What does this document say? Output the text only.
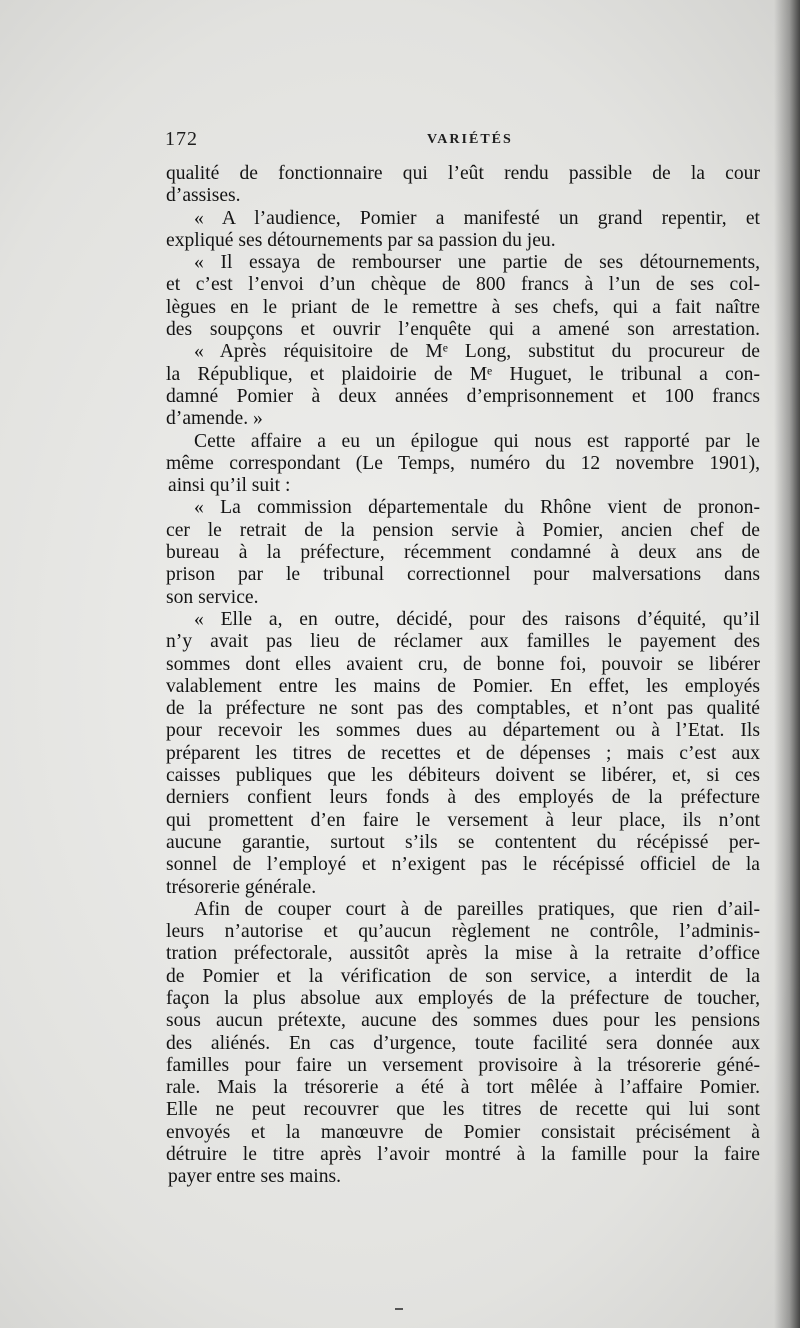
172	VARIÉTÉS
qualité de fonctionnaire qui l’eût rendu passible de la cour
d’assises.
« A l’audience, Pomier a manifesté un grand repentir, et
expliqué ses détournements par sa passion du jeu.
« Il essaya de rembourser une partie de ses détournements,
et c’est l’envoi d’un chèque de 800 francs à l’un de ses col-
lègues en le priant de le remettre à ses chefs, qui a fait naître
des soupçons et ouvrir l’enquête qui a amené son arrestation.
« Après réquisitoire de Mᵉ Long, substitut du procureur de
la République, et plaidoirie de Mᵉ Huguet, le tribunal a con-
damné Pomier à deux années d’emprisonnement et 100 francs
d’amende. »
Cette affaire a eu un épilogue qui nous est rapporté par le
même correspondant (Le Temps, numéro du 12 novembre 1901),
ainsi qu’il suit :
« La commission départementale du Rhône vient de pronon-
cer le retrait de la pension servie à Pomier, ancien chef de
bureau à la préfecture, récemment condamné à deux ans de
prison par le tribunal correctionnel pour malversations dans
son service.
« Elle a, en outre, décidé, pour des raisons d’équité, qu’il
n’y avait pas lieu de réclamer aux familles le payement des
sommes dont elles avaient cru, de bonne foi, pouvoir se libérer
valablement entre les mains de Pomier. En effet, les employés
de la préfecture ne sont pas des comptables, et n’ont pas qualité
pour recevoir les sommes dues au département ou à l’Etat. Ils
préparent les titres de recettes et de dépenses ; mais c’est aux
caisses publiques que les débiteurs doivent se libérer, et, si ces
derniers confient leurs fonds à des employés de la préfecture
qui promettent d’en faire le versement à leur place, ils n’ont
aucune garantie, surtout s’ils se contentent du récépissé per-
sonnel de l’employé et n’exigent pas le récépissé officiel de la
trésorerie générale.
Afin de couper court à de pareilles pratiques, que rien d’ail-
leurs n’autorise et qu’aucun règlement ne contrôle, l’adminis-
tration préfectorale, aussitôt après la mise à la retraite d’office
de Pomier et la vérification de son service, a interdit de la
façon la plus absolue aux employés de la préfecture de toucher,
sous aucun prétexte, aucune des sommes dues pour les pensions
des aliénés. En cas d’urgence, toute facilité sera donnée aux
familles pour faire un versement provisoire à la trésorerie géné-
rale. Mais la trésorerie a été à tort mêlée à l’affaire Pomier.
Elle ne peut recouvrer que les titres de recette qui lui sont
envoyés et la manœuvre de Pomier consistait précisément à
détruire le titre après l’avoir montré à la famille pour la faire
payer entre ses mains.
